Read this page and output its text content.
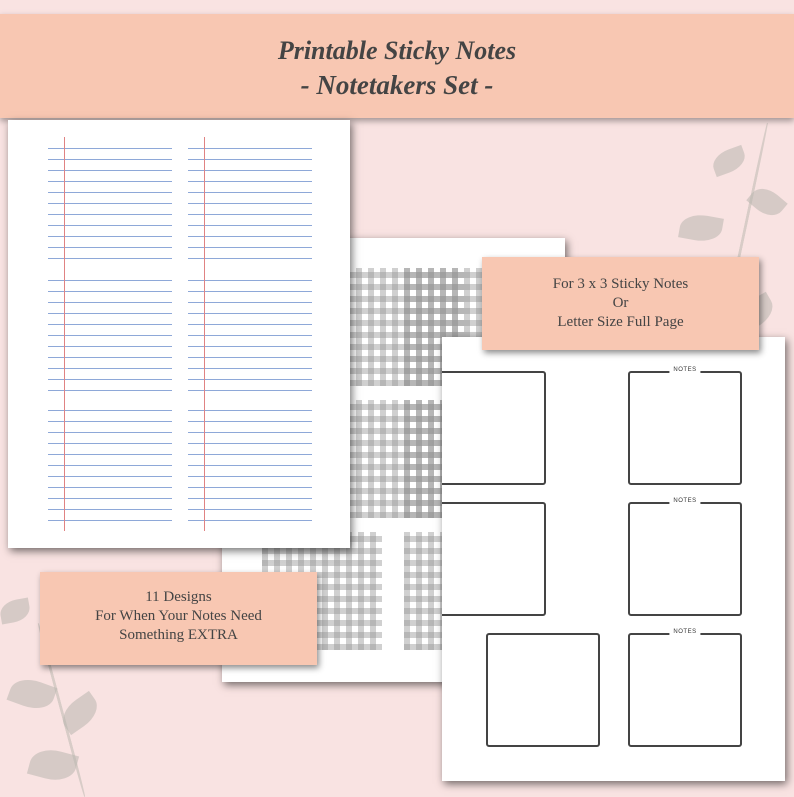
Printable Sticky Notes
- Notetakers Set -
NOTES
NOTES
NOTES
For 3 x 3 Sticky Notes
Or
Letter Size Full Page
11 Designs
For When Your Notes Need
Something EXTRA
